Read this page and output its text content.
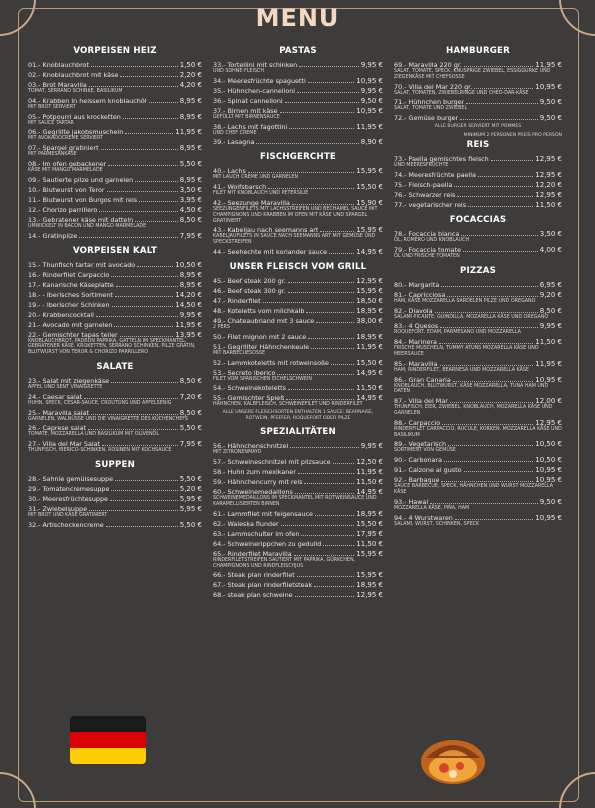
MENU
VORPEISEN HEIZ
01.- Knoblauchbrot	1,50 €
02.- Knoblauchbrot mit käse	2,20 €
03.- Brot Maravilla	4,20 €
TOMAT, SERRANO SCHINKE, BASILIKUM
04.- Krabben in heissem knoblauchöl	8,95 €
MIT BROT SERVIERT
05.- Potpourri aus krocketten	8,95 €
MIT SAUCE TARTAR
06.- Gegrillte jakobsmuscheln	11,95 €
MIT AVOKADOCREME SERVIERT
07.- Spargel gratiniert	8,95 €
MIT PARMESANKÄSE
08.- Im ofen gebackener	5,50 €
KÄSE MIT MANGO MARMELADE
09.- Sautierte pilze und garnelen	8,95 €
10.- Blutwurst von Teror	3,50 €
11.- Blutwurst von Burgos mit reis	3,95 €
12.- Chorizo parrillero	4,50 €
13.- Gebratener käse mit datteln	8,50 €
UMWICKELT IN BACON UND MANGO MARMELADE
14.- Gratinpilze	7,95 €
VORPEISEN KALT
15.- Thunfisch tartar mit avocado	10,50 €
16.- Rinderfilet Carpaccio	8,95 €
17.- Kanarische Käseplatte	8,95 €
18.- - Iberisches Sortiment	14,20 €
19.- - Iberischer Schinken	14,50 €
20.- Krabbencocktail	9,95 €
21.- Avocado mit garnelen	11,95 €
22.- Gemischter tapas teller	13,95 €
KNOBLAUCHBROT, PADRON PAPRIKA, GATTELN IM SPECKMANTEL, GEBRATENER KÄSE, KROKETTEN, SERRANO SCHINKEN, PILZE GRATIN, BLUTWURST VON TEROR & CHORIZO PARRILLERO
SALATE
23.- Salat mit ziegenkäse	8,50 €
APFEL UND SENT VINAIGRETTE
24.- Caesar salat	7,20 €
HUHN, SPECK, CESAR-SAUCE, CROUTONS UND APFELSENIG
25.- Maravilla salat	8,50 €
GARNELEN, WALNÜSSE UND DIE VINAIGRETTE DES KÜCHENCHEFS
26.- Caprese salat	5,50 €
TOMATE, MOZZARELLA UND BASILIKUM MIT OLIVENÖL
27.- Villa del Mar Salat	7,95 €
THUNFISCH, IBERICO-SCHINKEN, ROSINEN MIT KOCHSAUCE
SUPPEN
28.- Sahnie gemülsesuppe	5,50 €
29.- Tomatencremesuppe	5,20 €
30.- Meeresfrüchtesuppe	5,95 €
31.- Zwiebelsuppe	5,95 €
MIT BROT UND KÄSE GRATINIERT
32.- Artischockencreme	5,50 €
PASTAS
33.- Tortellini mit schinken	9,95 €
UND SOHNE-FLEISCH
34.- Meeresfrüchte spaguetti	10,95 €
35.- Hühnchen-cannelloni	9,95 €
36.- Spinat cannelloni	9,50 €
37.- Birnen mit käse	10,95 €
GEFÜLLT MIT BIRNENSAUCE
38.- Lachs mit fagottini	11,95 €
UND CHEF CREME
39.- Lasagna	8,90 €
FISCHGERCHTE
40.- Lachs	15,95 €
MIT LAUCH CREME UND GARNELEN
41.- Wolfsbarsch	15,50 €
FILET MIT KNOBLAUCH UND PETERSILIE
42.- Seezunge Maravilla	15,90 €
SEEZUNGENFILETS MIT LACHSSTREIFEN UND BECHAMEL SAUCE MIT CHAMPIGNONS UND KRABBEN IM OFEN MIT KÄSE UND SPARGEL GRATINIERT
43.- Kabeljau nach seemanns art	15,95 €
KABELJAUFILETS IN SAUCE NACH SEEMANNS ART MIT GEMÜSE UND SPECKSTREIFEN
44.- Seehechte mit koriander sauce	14,95 €
UNSER FLEISCH VOM GRILL
45.- Beef steak 200 gr.	12,95 €
46.- Beef steak 300 gr.	15,95 €
47.- Rinderfilet	18,50 €
48.- Koteletts vom milchkalb	18,95 €
49.- Chateaubriand mit 3 sauce	38,00 €
2 PERS
50.- Filet mignon mit 2 sauce	18,95 €
51.- Gegrillter Hähnchenkeule	11,95 €
MIT BARBECUESOSSE
52.- Lammkoteletts mit rotweinsoße	15,50 €
53.- Secreto iberico	14,95 €
FILET VOM SPANISCHEN EICHELSCHWEIN
54.- Schweinekoteletts	11,50 €
55.- Gemischter Spieß	14,95 €
HÄHNCHEN, KALBFLEISCH, SCHWEINEFILET UND RINDERFILET
ALLE UNSERE FLEISCHSORTEN ENTHALTEN 1 SAUCE: BEARNAISE, ROTWEIN, PFEFFER, ROQUEFORT ODER PILZE
SPEZIALITÄTEN
56.- Hähnchenschnitzel	9,95 €
MIT ZITRONENMAYO
57.- Schweineschnitzel mit pilzsauce	12,50 €
58.- Huhn zum mexikaner	11,95 €
59.- Hähnchencurry mit reis	11,50 €
60.- Schweinemedaillons	14,95 €
SCHWEINEMEDAILLONS IM SPECKMANTEL MIT ROTWEINSAUCE UND KARAMELLISIERTEN BIRNEN
61.- Lammfilet mit feigensauce	18,95 €
62.- Waleska flunder	15,50 €
63.- Lammschulter im ofen	17,95 €
64.- Schweinerippchen zu gedulld	11,50 €
65.- Rinderfilet Maravilla	15,95 €
RINDERFILETSTREIFEN SAUTIERT MIT PAPRIKA, GÜRKCHEN, CHAMPIGNONS UND RINDFLEISCHJUS
66.- Steak plan rinderfilet	15,95 €
67.- Steak plan rinderfiletsteak	18,95 €
68.- steak plan schweine	12,95 €
HAMBURGER
69.- Maravilla 220 gr.	11,95 €
SALAT, TOMATE, SPECK, KNUSPRIGE ZWIEBEL, ESSIGGURKE UND ZIEGENKÄSE MIT CHEFSOSSE
70.- Villa del Mar 220 gr.	10,95 €
SALAT, TOMATEN, ZWIEBELRINGE UND CHED-DAR-KÄSE
71.- Hühnchen burger	9,50 €
SALAT, TOMATE UND ZWIEBEL
72.- Gemüse burger	9,50 €
ALLE BURGER SERVIERT MIT POMMES
MINIMUM 2 PERSONEN PREIS PRO PERSON
REIS
73.- Paella gemischtes fleisch	12,95 €
UND MEERESFRÜCHTE
74.- Meeresfrüchte paella	12,95 €
75.- Fleisch-paella	12,20 €
76.- Schwarzer reis	12,95 €
77.- vegetarischer reis	11,50 €
FOCACCIAS
78.- Focaccia blanca	3,50 €
ÖL, ROMERO UND KNOBLAUCH
79.- Focaccia tomate	4,00 €
ÖL UND FRISCHE TOMATEN
PIZZAS
80.- Margarita	6,95 €
81.- Capricciosa	9,20 €
HAM, KÄSE MOZZARELLA SARDELEN PILZE UND OREGANO
82.- Diavola	8,50 €
SALAMI PICANTE, GUINDILLA, MOZARELLA KÄSE UND OREGANO
83.- 4 Quesos	9,95 €
ROQUEFORT, EDAM, PARMESANO UND MOZZARELLA
84.- Marinera	11,50 €
FRISCHE MUSCHELN, TUMMY ATUNS MOZARELLA KÄSE UND MEERSAUCE
85.- Maravilla	11,95 €
HAM, RINDERFILET, BEARNESA UND MOZZARELLA KÄSE
86.- Gran Canaria	10,95 €
KNOBLAUCH, BLUTWURST, KÄSE MOZZARELLA, TUNA HAM UND DATEN
87.- Villa del Mar	12,00 €
THUNFISCH, EIER, ZWIEBEL, KNOBLAUCH, MOZARELLA KÄSE UND GARNELEN
88.- Carpaccio	12,95 €
RINDERFILET CARPACCIO, RUCULE, KORKEN, MOZZARELLA KÄSE UND BASILIKUM
89.- Vegetarisch	10,50 €
SORTIMENT VON GEMÜSE
90.- Carbonara	10,50 €
91.- Calzone al gusto	10,95 €
92.- Barbaque	10,95 €
SAUCE BARBECUE, SPECK, HÄHNCHEN UND WURST MOZZARELLA KÄSE
93.- Hawai	9,50 €
MOZZARELLA KÄSE, PIÑA, HAM
94.- 4 Wurstwaren	10,95 €
SALAMI, WURST, SCHINKEN, SPECK
